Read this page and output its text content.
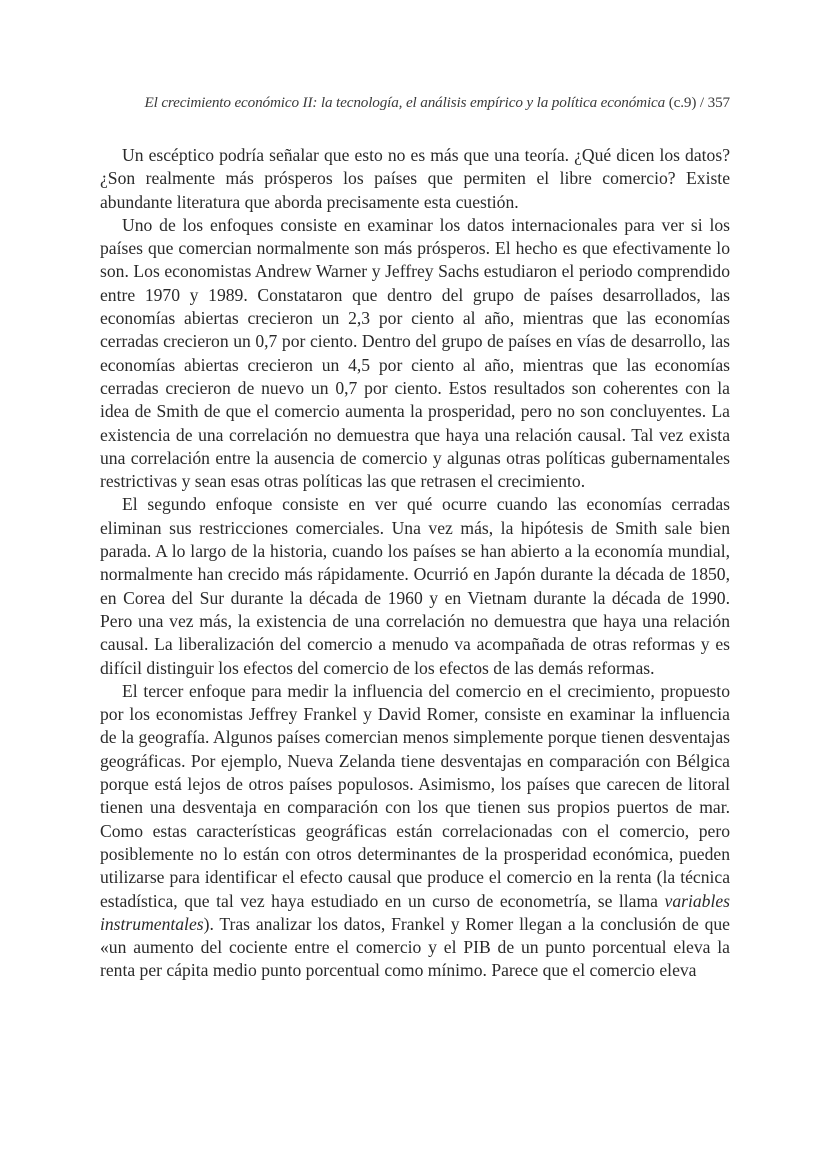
El crecimiento económico II: la tecnología, el análisis empírico y la política económica (c.9) / 357

Un escéptico podría señalar que esto no es más que una teoría. ¿Qué dicen los datos? ¿Son realmente más prósperos los países que permiten el libre comercio? Existe abundante literatura que aborda precisamente esta cuestión.

Uno de los enfoques consiste en examinar los datos internacionales para ver si los países que comercian normalmente son más prósperos. El hecho es que efectivamente lo son. Los economistas Andrew Warner y Jeffrey Sachs estudiaron el periodo comprendido entre 1970 y 1989. Constataron que dentro del grupo de países desarrollados, las economías abiertas crecieron un 2,3 por ciento al año, mientras que las economías cerradas crecieron un 0,7 por ciento. Dentro del grupo de países en vías de desarrollo, las economías abiertas crecieron un 4,5 por ciento al año, mientras que las economías cerradas crecieron de nuevo un 0,7 por ciento. Estos resultados son coherentes con la idea de Smith de que el comercio aumenta la prosperidad, pero no son concluyentes. La existencia de una correlación no demuestra que haya una relación causal. Tal vez exista una correlación entre la ausencia de comercio y algunas otras políticas gubernamentales restrictivas y sean esas otras políticas las que retrasen el crecimiento.

El segundo enfoque consiste en ver qué ocurre cuando las economías cerradas eliminan sus restricciones comerciales. Una vez más, la hipótesis de Smith sale bien parada. A lo largo de la historia, cuando los países se han abierto a la economía mundial, normalmente han crecido más rápidamente. Ocurrió en Japón durante la década de 1850, en Corea del Sur durante la década de 1960 y en Vietnam durante la década de 1990. Pero una vez más, la existencia de una correlación no demuestra que haya una relación causal. La liberalización del comercio a menudo va acompañada de otras reformas y es difícil distinguir los efectos del comercio de los efectos de las demás reformas.

El tercer enfoque para medir la influencia del comercio en el crecimiento, propuesto por los economistas Jeffrey Frankel y David Romer, consiste en examinar la influencia de la geografía. Algunos países comercian menos simplemente porque tienen desventajas geográficas. Por ejemplo, Nueva Zelanda tiene desventajas en comparación con Bélgica porque está lejos de otros países populosos. Asimismo, los países que carecen de litoral tienen una desventaja en comparación con los que tienen sus propios puertos de mar. Como estas características geográficas están correlacionadas con el comercio, pero posiblemente no lo están con otros determinantes de la prosperidad económica, pueden utilizarse para identificar el efecto causal que produce el comercio en la renta (la técnica estadística, que tal vez haya estudiado en un curso de econometría, se llama variables instrumentales). Tras analizar los datos, Frankel y Romer llegan a la conclusión de que «un aumento del cociente entre el comercio y el PIB de un punto porcentual eleva la renta per cápita medio punto porcentual como mínimo. Parece que el comercio eleva
